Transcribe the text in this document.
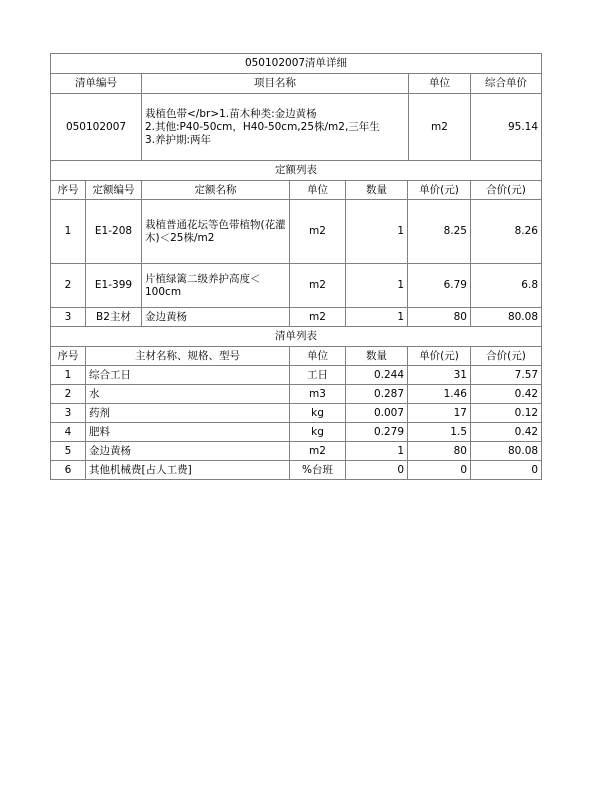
050102007清单详细			
清单编号	项目名称	单位	综合单价
050102007	栽植色带</br>1.苗木种类:金边黄杨
2.其他:P40-50cm，H40-50cm,25株/m2,三年生
3.养护期:两年	m2	95.14
定额列表						
序号	定额编号	定额名称	单位	数量	单价(元)	合价(元)
1	E1-208	栽植普通花坛等色带植物(花灌木)＜25株/m2	m2	1	8.25	8.26
2	E1-399	片植绿篱二级养护高度＜100cm	m2	1	6.79	6.8
3	B2主材	金边黄杨	m2	1	80	80.08
清单列表					
序号	主材名称、规格、型号	单位	数量	单价(元)	合价(元)
1	综合工日	工日	0.244	31	7.57
2	水	m3	0.287	1.46	0.42
3	药剂	kg	0.007	17	0.12
4	肥料	kg	0.279	1.5	0.42
5	金边黄杨	m2	1	80	80.08
6	其他机械费[占人工费]	%台班	0	0	0
